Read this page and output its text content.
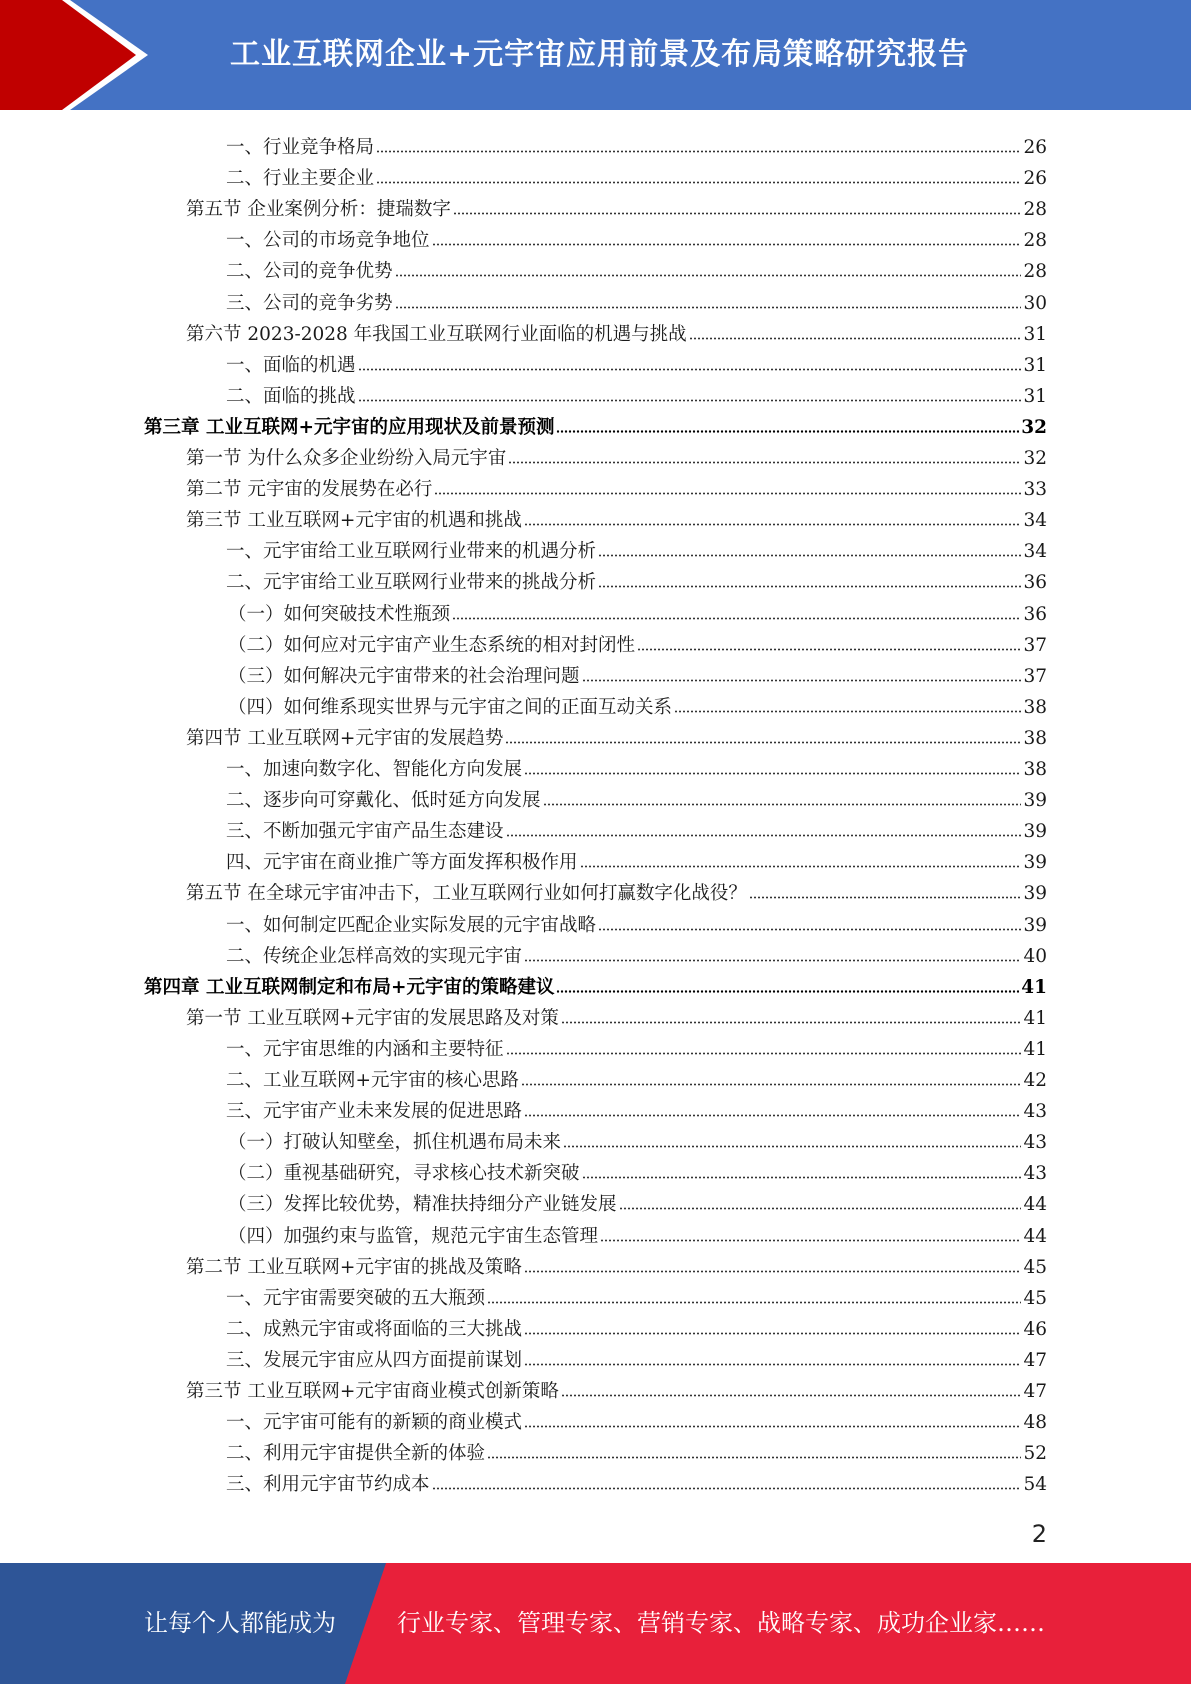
工业互联网企业+元宇宙应用前景及布局策略研究报告
一、行业竞争格局	26
二、行业主要企业	26
第五节 企业案例分析：捷瑞数字	28
一、公司的市场竞争地位	28
二、公司的竞争优势	28
三、公司的竞争劣势	30
第六节 2023-2028 年我国工业互联网行业面临的机遇与挑战	31
一、面临的机遇	31
二、面临的挑战	31
第三章 工业互联网+元宇宙的应用现状及前景预测	32
第一节 为什么众多企业纷纷入局元宇宙	32
第二节 元宇宙的发展势在必行	33
第三节 工业互联网+元宇宙的机遇和挑战	34
一、元宇宙给工业互联网行业带来的机遇分析	34
二、元宇宙给工业互联网行业带来的挑战分析	36
（一）如何突破技术性瓶颈	36
（二）如何应对元宇宙产业生态系统的相对封闭性	37
（三）如何解决元宇宙带来的社会治理问题	37
（四）如何维系现实世界与元宇宙之间的正面互动关系	38
第四节 工业互联网+元宇宙的发展趋势	38
一、加速向数字化、智能化方向发展	38
二、逐步向可穿戴化、低时延方向发展	39
三、不断加强元宇宙产品生态建设	39
四、元宇宙在商业推广等方面发挥积极作用	39
第五节 在全球元宇宙冲击下，工业互联网行业如何打赢数字化战役？	39
一、如何制定匹配企业实际发展的元宇宙战略	39
二、传统企业怎样高效的实现元宇宙	40
第四章 工业互联网制定和布局+元宇宙的策略建议	41
第一节 工业互联网+元宇宙的发展思路及对策	41
一、元宇宙思维的内涵和主要特征	41
二、工业互联网+元宇宙的核心思路	42
三、元宇宙产业未来发展的促进思路	43
（一）打破认知壁垒，抓住机遇布局未来	43
（二）重视基础研究，寻求核心技术新突破	43
（三）发挥比较优势，精准扶持细分产业链发展	44
（四）加强约束与监管，规范元宇宙生态管理	44
第二节 工业互联网+元宇宙的挑战及策略	45
一、元宇宙需要突破的五大瓶颈	45
二、成熟元宇宙或将面临的三大挑战	46
三、发展元宇宙应从四方面提前谋划	47
第三节 工业互联网+元宇宙商业模式创新策略	47
一、元宇宙可能有的新颖的商业模式	48
二、利用元宇宙提供全新的体验	52
三、利用元宇宙节约成本	54
2
让每个人都能成为	行业专家、管理专家、营销专家、战略专家、成功企业家……
